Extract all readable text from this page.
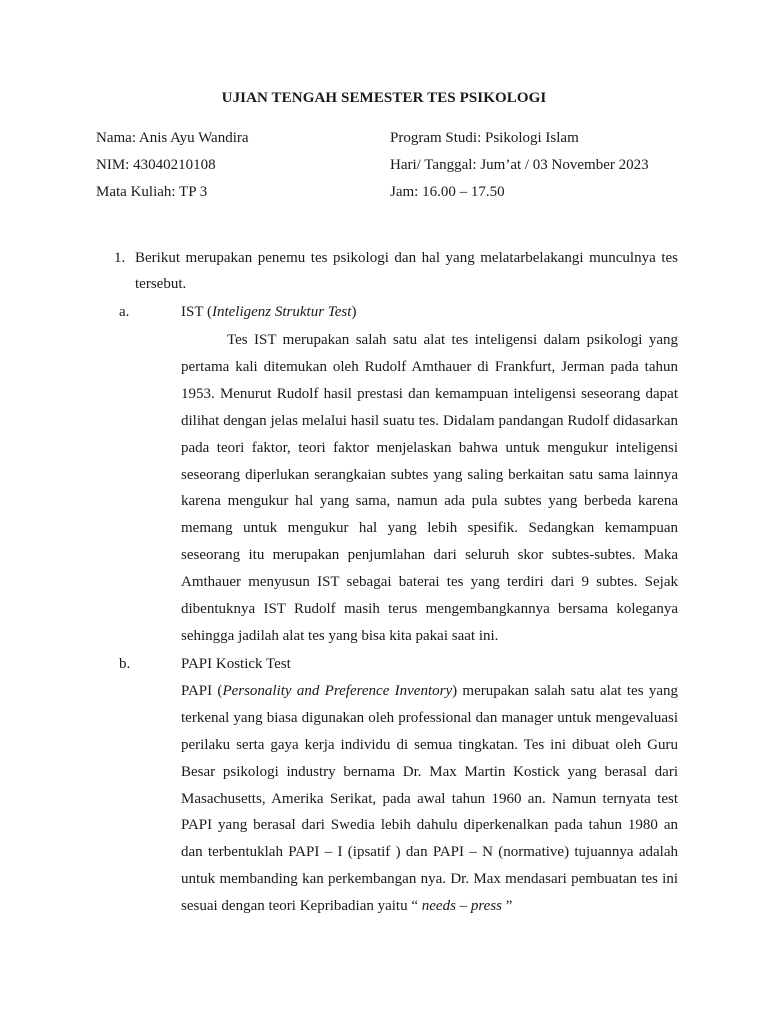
UJIAN TENGAH SEMESTER TES PSIKOLOGI
Nama: Anis Ayu Wandira
NIM: 43040210108
Mata Kuliah: TP 3
Program Studi: Psikologi Islam
Hari/ Tanggal: Jum’at / 03 November 2023
Jam: 16.00 – 17.50
1. Berikut merupakan penemu tes psikologi dan hal yang melatarbelakangi munculnya tes tersebut.
a.	IST (Inteligenz Struktur Test)
Tes IST merupakan salah satu alat tes inteligensi dalam psikologi yang pertama kali ditemukan oleh Rudolf Amthauer di Frankfurt, Jerman pada tahun 1953. Menurut Rudolf hasil prestasi dan kemampuan inteligensi seseorang dapat dilihat dengan jelas melalui hasil suatu tes. Didalam pandangan Rudolf didasarkan pada teori faktor, teori faktor menjelaskan bahwa untuk mengukur inteligensi seseorang diperlukan serangkaian subtes yang saling berkaitan satu sama lainnya karena mengukur hal yang sama, namun ada pula subtes yang berbeda karena memang untuk mengukur hal yang lebih spesifik. Sedangkan kemampuan seseorang itu merupakan penjumlahan dari seluruh skor subtes-subtes. Maka Amthauer menyusun IST sebagai baterai tes yang terdiri dari 9 subtes. Sejak dibentuknya IST Rudolf masih terus mengembangkannya bersama koleganya sehingga jadilah alat tes yang bisa kita pakai saat ini.
b.	PAPI Kostick Test
PAPI (Personality and Preference Inventory) merupakan salah satu alat tes yang terkenal yang biasa digunakan oleh professional dan manager untuk mengevaluasi perilaku serta gaya kerja individu di semua tingkatan. Tes ini dibuat oleh Guru Besar psikologi industry bernama Dr. Max Martin Kostick yang berasal dari Masachusetts, Amerika Serikat, pada awal tahun 1960 an. Namun ternyata test PAPI yang berasal dari Swedia lebih dahulu diperkenalkan pada tahun 1980 an dan terbentuklah PAPI – I (ipsatif ) dan PAPI – N (normative) tujuannya adalah untuk membanding kan perkembangan nya. Dr. Max mendasari pembuatan tes ini sesuai dengan teori Kepribadian yaitu “ needs – press ”
